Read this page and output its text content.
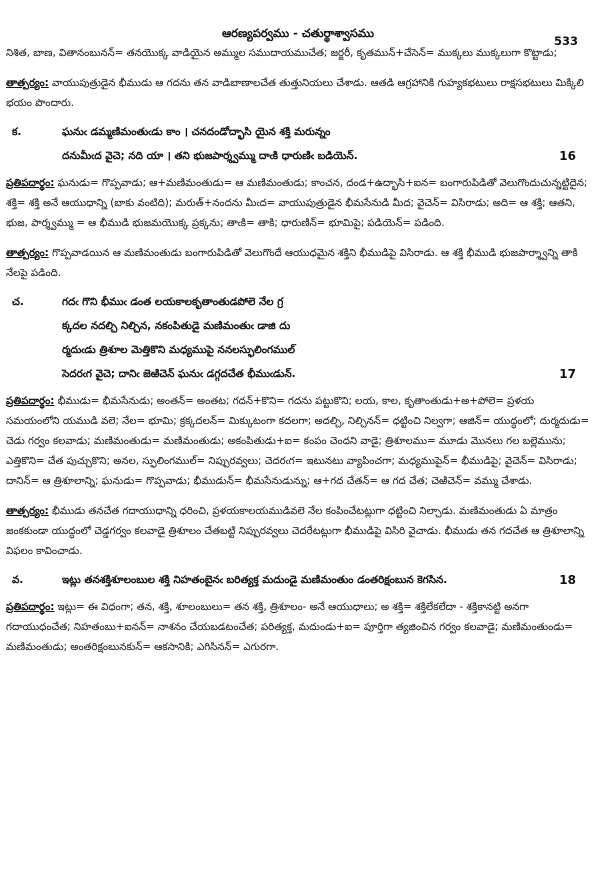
ఆరణ్యపర్వము - చతుర్థాశ్వాసము
533

నిశిత, బాణ, వితానంబునన్= తనయొక్క వాడియైన అమ్ముల సముదాయముచేత; జర్జరీ, కృతమున్+చేసెన్= ముక్కలు ముక్కలుగా కొట్టాడు;

తాత్పర్యం: వాయుపుత్రుడైన భీముడు ఆ గదను తన వాడిబాణాలచేత తుత్తునియలు చేశాడు. ఆతడి ఆగ్రహానికి గుహ్యకభటులు రాక్షసభటులు మిక్కిలి భయం పొందారు.

క.	ఘనుఁ డమ్మణిమంతుఁడు కాం । చనదండోద్భాసి యైన శక్తి మరున్నం
దనుమీఁద వైచె; నది యా । తని భుజపార్శ్వమ్ము దాఁకి ధారుణిఁ బడియెన్.	16

ప్రతిపదార్థం: ఘనుడు= గొప్పవాడు; ఆ+మణిమంతుడు= ఆ మణిమంతుడు; కాంచన, దండ+ఉద్భాసి+ఐన= బంగారుపిడితో వెలుగొందుచున్నట్టిదైన; శక్తి= శక్తి అనే ఆయుధాన్ని (బాకు వంటిది); మరుత్+నందను మీఁద= వాయుపుత్రుడైన భీమసేనుడి మీద; వైచెన్= విసిరాడు; అది= ఆ శక్తి; ఆతని, భుజ, పార్శ్వమ్ము = ఆ భీముడి భుజమయొక్క ప్రక్కను; తాఁకి= తాకి; ధారుణిన్= భూమిపై; పడియెన్= పడింది.

తాత్పర్యం: గొప్పవాడయిన ఆ మణిమంతుడు బంగారుపిడితో వెలుగొందే ఆయుధమైన శక్తిని భీముడిపై విసిరాడు. ఆ శక్తి భీముడి భుజపార్శ్వాన్ని తాకి నేలపై పడింది.

చ.	గదఁ గొని భీముఁ డంత లయకాలకృతాంతుడపోలె నేల గ్ర
క్కదల నదల్చి నిల్చిన, నకంపితుడై మణిమంతుఁ డాజి దు
ర్మదుఁడు త్రిశూల మెత్తికొని మధ్యముపై ననలస్ఫులింగముల్
సెదరఁగ వైచె; దానిఁ జెఱిచెన్ ఘనుఁ డగ్గదచేత భీముఁడున్.	17

ప్రతిపదార్థం: భీముడు= భీమసేనుడు; అంతన్= అంతట; గదన్+కొని= గదను పట్టుకొని; లయ, కాల, కృతాంతుడు+అ+పోలె= ప్రళయ సమయంలోని యముడి వలె; నేల= భూమి; క్రక్కదలన్= మిక్కుటంగా కదలగా; అదల్చి, నిల్చినన్= ధట్టించి నిల్వగా; ఆజిన్= యుద్ధంలో; దుర్మదుడు= చెడు గర్వం కలవాడు; మణిమంతుడు= మణిమంతుడు; అకంపితుడు+ఐ= కంపం చెందని వాడై; త్రిశూలము= మూడు మొనలు గల బల్లెమును; ఎత్తికొని= చేత పుచ్చుకొని; అనల, స్ఫులింగముల్= నిప్పురవ్వలు; చెదరఁగ= ఇటునటు వ్యాపించగా; మధ్యముపైన్= భీముడిపై; వైచెన్= విసిరాడు; దానిన్= ఆ త్రిశూలాన్ని; ఘనుడు= గొప్పవాడు; భీముడున్= భీమసేనుడున్ను; ఆ+గద చేతన్= ఆ గద చేత; చెఱిచెన్= వమ్ము చేశాడు.

తాత్పర్యం: భీముడు తనచేత గదాయుధాన్ని ధరించి, ప్రళయకాలయముడివలె నేల కంపించేటట్లుగా ధట్టించి నిల్చాడు. మణిమంతుడు ఏ మాత్రం జంకకుండా యుద్ధంలో చెడ్డగర్వం కలవాడై త్రిశూలం చేతబట్టి నిప్పురవ్వలు చెదరేటట్లుగా భీముడిపై విసిరి వైచాడు. భీముడు తన గదచేత ఆ త్రిశూలాన్ని విఫలం కావించాడు.

వ.	ఇట్లు తనశక్తిశూలంబుల శక్తి నిహతంబైనఁ బరిత్యక్త మదుండై మణిమంతుం డంతరిక్షంబున కెగసిన.	18

ప్రతిపదార్థం: ఇట్లు= ఈ విధంగా; తన, శక్తి, శూలంబులు= తన శక్తి, త్రిశూలం- అనే ఆయుధాలు; అ శక్తి= శక్తిలేకలేదా - శక్తికానట్టి అనగా గదాయుధంచేత; నిహతంబు+ఐనన్= నాశనం చేయబడటంచేత; పరిత్యక్త, మదుండు+ఐ= పూర్తిగా త్యజించిన గర్వం కలవాడై; మణిమంతుండు= మణిమంతుడు; అంతరిక్షంబునకున్= ఆకసానికి; ఎగిసినన్= ఎగురగా.
